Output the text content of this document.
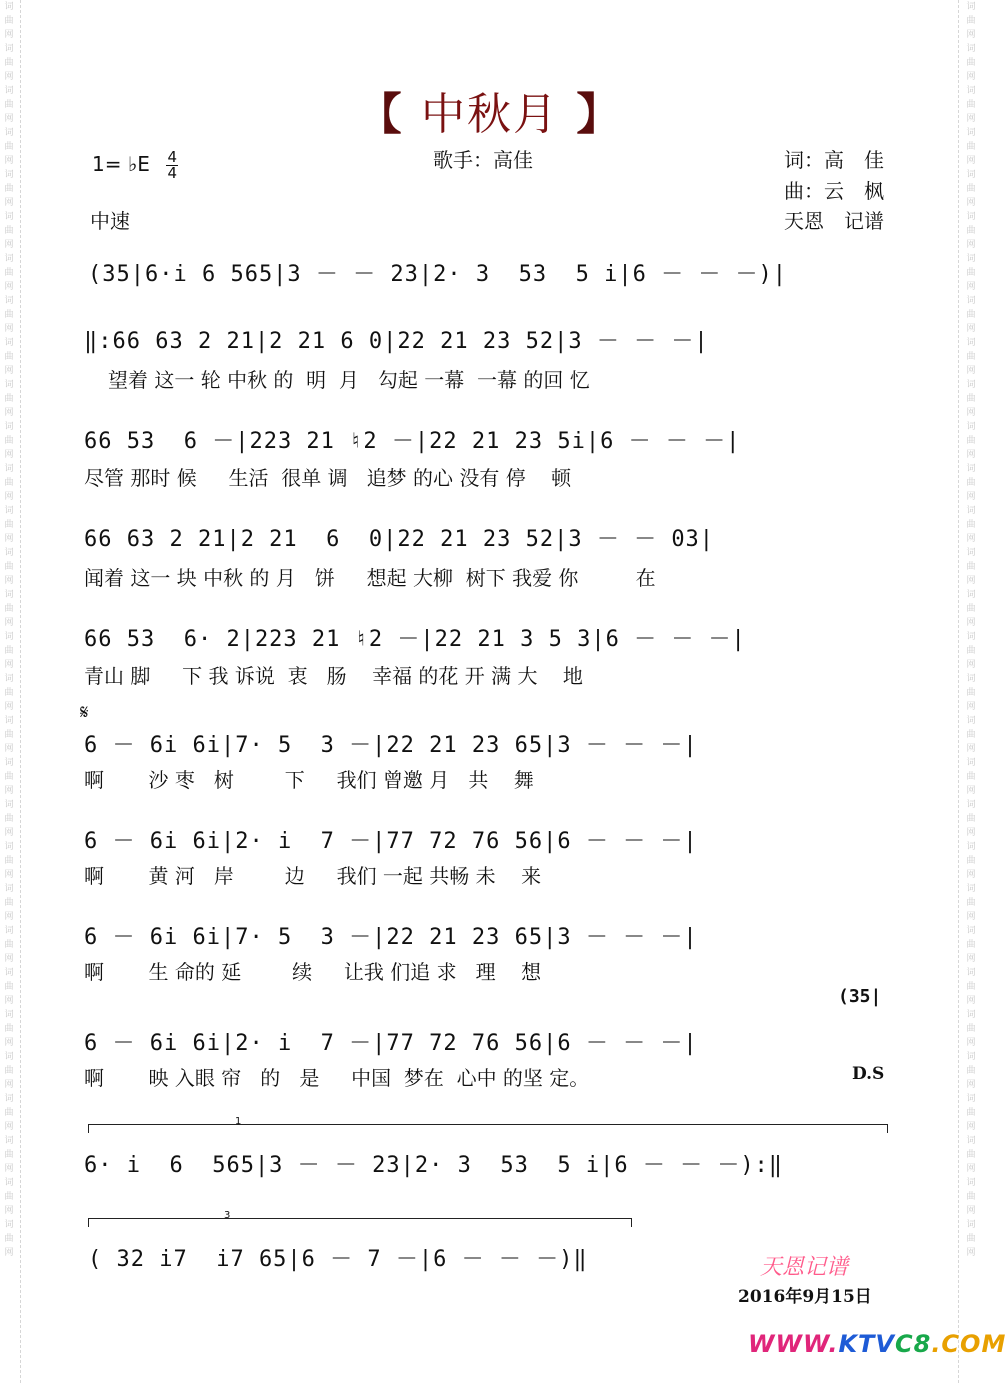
词曲网 词曲网 词曲网 词曲网 词曲网 词曲网 词曲网 词曲网 词曲网 词曲网 词曲网 词曲网 词曲网 词曲网 词曲网 词曲网 词曲网 词曲网 词曲网 词曲网 词曲网 词曲网 词曲网 词曲网 词曲网 词曲网 词曲网 词曲网 词曲网 词曲网
词曲网 词曲网 词曲网 词曲网 词曲网 词曲网 词曲网 词曲网 词曲网 词曲网 词曲网 词曲网 词曲网 词曲网 词曲网 词曲网 词曲网 词曲网 词曲网 词曲网 词曲网 词曲网 词曲网 词曲网 词曲网 词曲网 词曲网 词曲网 词曲网 词曲网
【 中秋月 】
歌手：高佳	词：高　佳
曲：云　枫
天恩　记谱
1= ♭E $\frac{4}{4}$
中速
(35|6·i 6 565|3 － － 23|2· 3  53  5 i|6 － － －)|
‖:66 63 2 21|2 21 6 0|22 21 23 52|3 － － －|
望着 这一 轮 中秋 的  明  月   勾起 一幕  一幕 的回 忆
66 53  6 －|223 21 ♮2 －|22 21 23 5i|6 － － －|
尽管 那时 候     生活  很单 调   追梦 的心 没有 停    顿
66 63 2 21|2 21  6  0|22 21 23 52|3 － － 03|
闻着 这一 块 中秋 的 月   饼     想起 大柳  树下 我爱 你         在
66 53  6· 2|223 21 ♮2 －|22 21 3 5 3|6 － － －|
青山 脚     下 我 诉说  衷   肠    幸福 的花 开 满 大    地
𝄋
6 － 6i 6i|7· 5  3 －|22 21 23 65|3 － － －|
啊       沙 枣   树        下     我们 曾邀 月   共    舞
6 － 6i 6i|2· i  7 －|77 72 76 56|6 － － －|
啊       黄 河   岸        边     我们 一起 共畅 未    来
6 － 6i 6i|7· 5  3 －|22 21 23 65|3 － － －|
啊       生 命的 延        续     让我 们追 求   理    想
(35|
6 － 6i 6i|2· i  7 －|77 72 76 56|6 － － －|
啊       映 入眼 帘   的   是     中国  梦在  心中 的坚 定。	D.S
1
6· i  6  565|3 － － 23|2· 3  53  5 i|6 － － －):‖
3
( 32 i7  i7 65|6 － 7 －|6 － － －)‖	天恩记谱
2016年9月15日
WWW.KTVC8.COM
